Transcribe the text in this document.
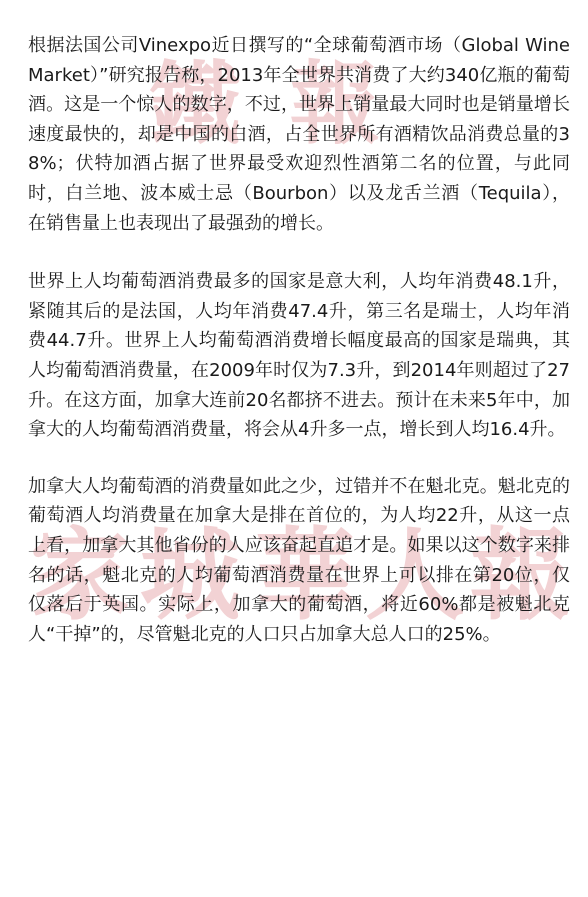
家 城 華 人 報
鐵 報

根据法国公司Vinexpo近日撰写的“全球葡萄酒市场（Global Wine Market）”研究报告称，2013年全世界共消费了大约340亿瓶的葡萄酒。这是一个惊人的数字，不过，世界上销量最大同时也是销量增长速度最快的，却是中国的白酒，占全世界所有酒精饮品消费总量的38%；伏特加酒占据了世界最受欢迎烈性酒第二名的位置，与此同时，白兰地、波本威士忌（Bourbon）以及龙舌兰酒（Tequila），在销售量上也表现出了最强劲的增长。

世界上人均葡萄酒消费最多的国家是意大利，人均年消费48.1升，紧随其后的是法国，人均年消费47.4升，第三名是瑞士，人均年消费44.7升。世界上人均葡萄酒消费增长幅度最高的国家是瑞典，其人均葡萄酒消费量，在2009年时仅为7.3升，到2014年则超过了27升。在这方面，加拿大连前20名都挤不进去。预计在未来5年中，加拿大的人均葡萄酒消费量，将会从4升多一点，增长到人均16.4升。

加拿大人均葡萄酒的消费量如此之少，过错并不在魁北克。魁北克的葡萄酒人均消费量在加拿大是排在首位的，为人均22升，从这一点上看，加拿大其他省份的人应该奋起直追才是。如果以这个数字来排名的话，魁北克的人均葡萄酒消费量在世界上可以排在第20位，仅仅落后于英国。实际上，加拿大的葡萄酒，将近60%都是被魁北克人“干掉”的，尽管魁北克的人口只占加拿大总人口的25%。
